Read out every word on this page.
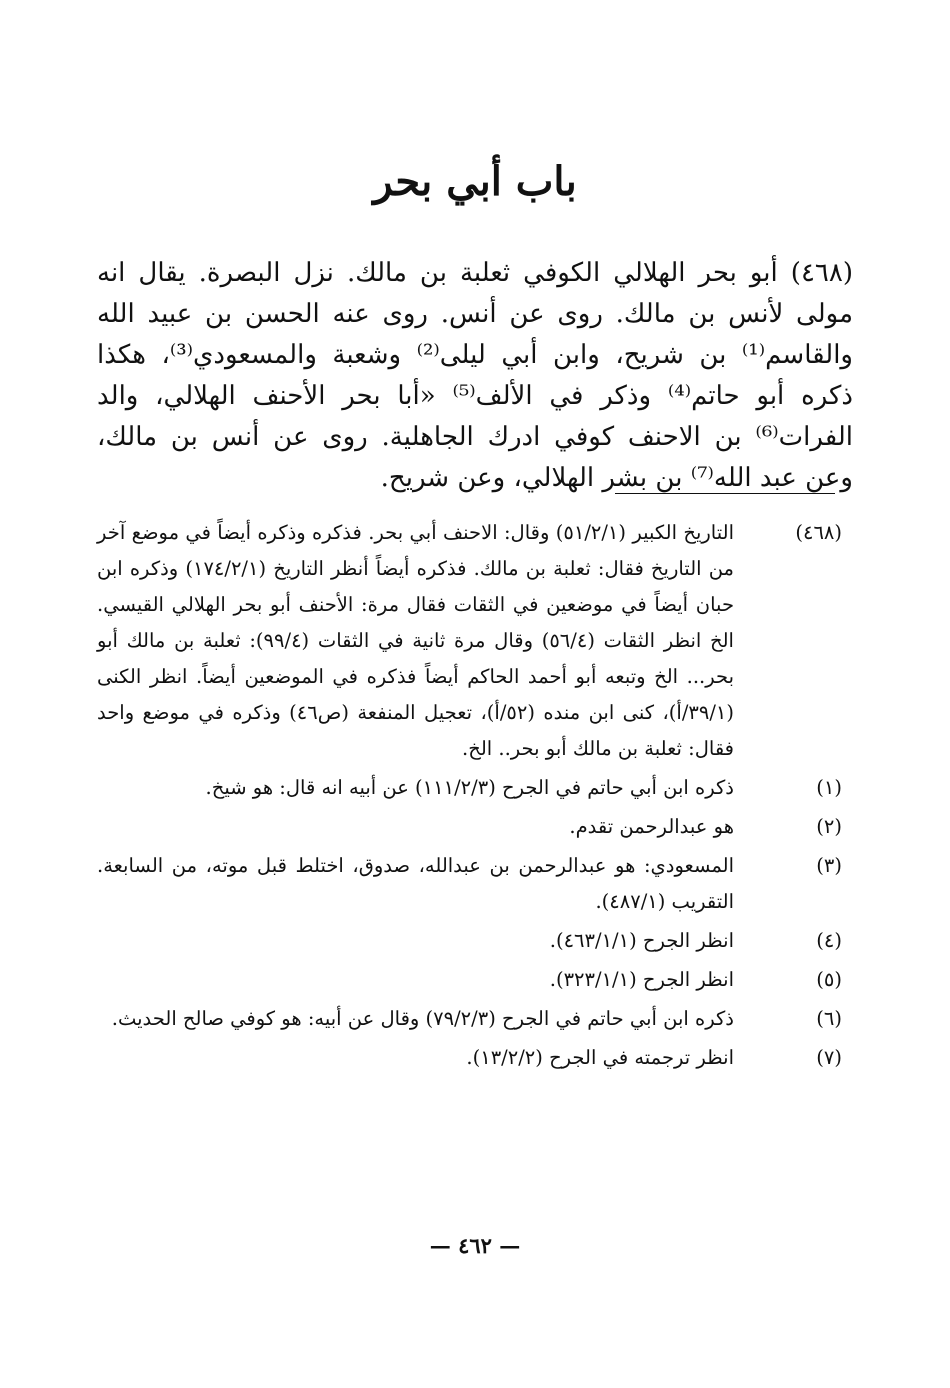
باب أبي بحر

(٤٦٨) أبو بحر الهلالي الكوفي ثعلبة بن مالك. نزل البصرة. يقال انه مولى لأنس بن مالك. روى عن أنس. روى عنه الحسن بن عبيد الله والقاسم⁽¹⁾ بن شريح، وابن أبي ليلى⁽²⁾ وشعبة والمسعودي⁽³⁾، هكذا ذكره أبو حاتم⁽⁴⁾ وذكر في الألف⁽⁵⁾ «أبا بحر الأحنف الهلالي، والد الفرات⁽⁶⁾ بن الاحنف كوفي ادرك الجاهلية. روى عن أنس بن مالك، وعن عبد الله⁽⁷⁾ بن بشر الهلالي، وعن شريح.

(٤٦٨)
التاريخ الكبير (٥١/٢/١) وقال: الاحنف أبي بحر. فذكره وذكره أيضاً في موضع آخر من التاريخ فقال: ثعلبة بن مالك. فذكره أيضاً أنظر التاريخ (١٧٤/٢/١) وذكره ابن حبان أيضاً في موضعين في الثقات فقال مرة: الأحنف أبو بحر الهلالي القيسي. الخ انظر الثقات (٥٦/٤) وقال مرة ثانية في الثقات (٩٩/٤): ثعلبة بن مالك أبو بحر... الخ وتبعه أبو أحمد الحاكم أيضاً فذكره في الموضعين أيضاً. انظر الكنى (٣٩/١/أ)، كنى ابن منده (٥٢/أ)، تعجيل المنفعة (ص٤٦) وذكره في موضع واحد فقال: ثعلبة بن مالك أبو بحر.. الخ.
(١)
ذكره ابن أبي حاتم في الجرح (١١١/٢/٣) عن أبيه انه قال: هو شيخ.
(٢)
هو عبدالرحمن تقدم.
(٣)
المسعودي: هو عبدالرحمن بن عبدالله، صدوق، اختلط قبل موته، من السابعة. التقريب (٤٨٧/١).
(٤)
انظر الجرح (٤٦٣/١/١).
(٥)
انظر الجرح (٣٢٣/١/١).
(٦)
ذكره ابن أبي حاتم في الجرح (٧٩/٢/٣) وقال عن أبيه: هو كوفي صالح الحديث.
(٧)
انظر ترجمته في الجرح (١٣/٢/٢).
— ٤٦٢ —
